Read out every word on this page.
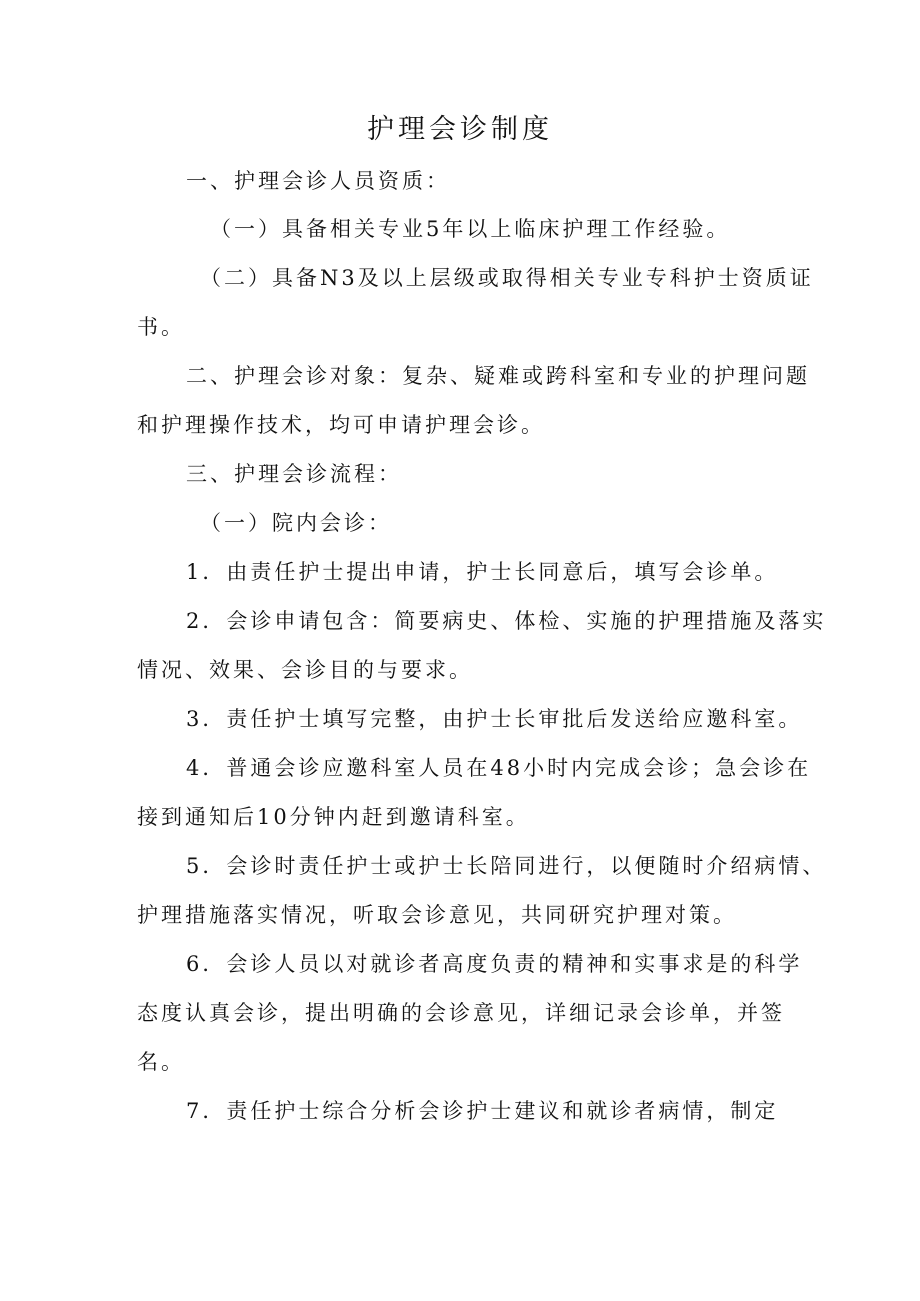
护理会诊制度
一、护理会诊人员资质：
（一）具备相关专业5年以上临床护理工作经验。
（二）具备N3及以上层级或取得相关专业专科护士资质证
书。
二、护理会诊对象：复杂、疑难或跨科室和专业的护理问题
和护理操作技术，均可申请护理会诊。
三、护理会诊流程：
（一）院内会诊：
1．由责任护士提出申请，护士长同意后，填写会诊单。
2．会诊申请包含：简要病史、体检、实施的护理措施及落实
情况、效果、会诊目的与要求。
3．责任护士填写完整，由护士长审批后发送给应邀科室。
4．普通会诊应邀科室人员在48小时内完成会诊；急会诊在
接到通知后10分钟内赶到邀请科室。
5．会诊时责任护士或护士长陪同进行，以便随时介绍病情、
护理措施落实情况，听取会诊意见，共同研究护理对策。
6．会诊人员以对就诊者高度负责的精神和实事求是的科学
态度认真会诊，提出明确的会诊意见，详细记录会诊单，并签
名。
7．责任护士综合分析会诊护士建议和就诊者病情，制定
